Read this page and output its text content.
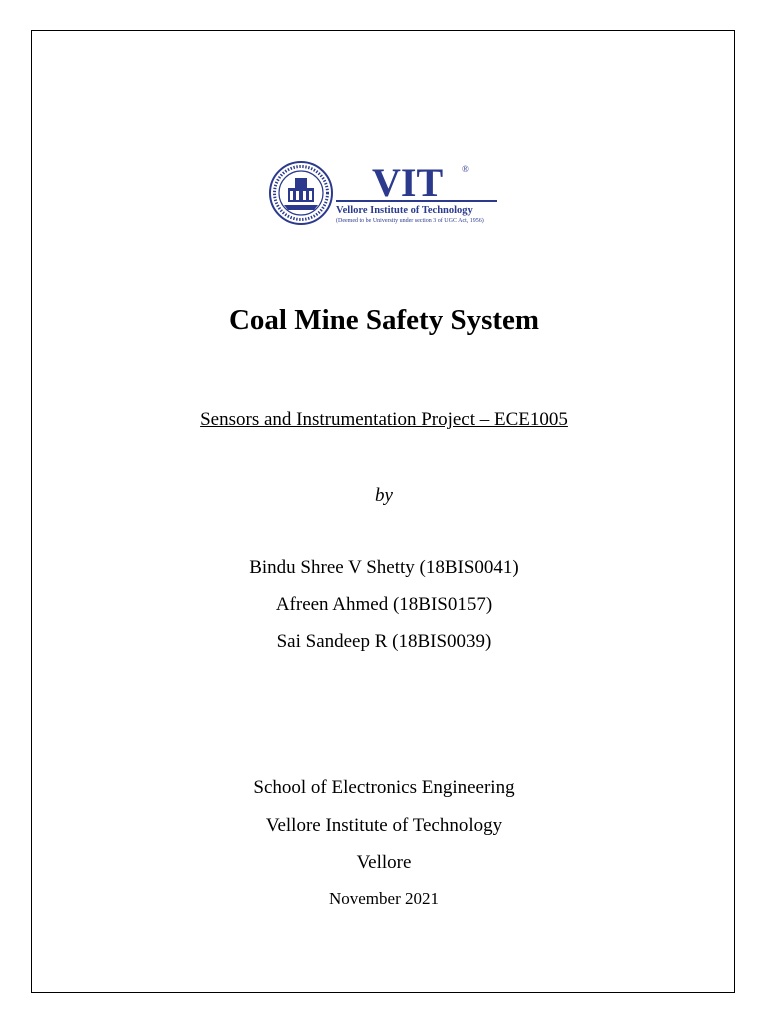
VIT ®
Vellore Institute of Technology
(Deemed to be University under section 3 of UGC Act, 1956)
Coal Mine Safety System
Sensors and Instrumentation Project – ECE1005
by
Bindu Shree V Shetty (18BIS0041)
Afreen Ahmed (18BIS0157)
Sai Sandeep R (18BIS0039)
School of Electronics Engineering
Vellore Institute of Technology
Vellore
November 2021
